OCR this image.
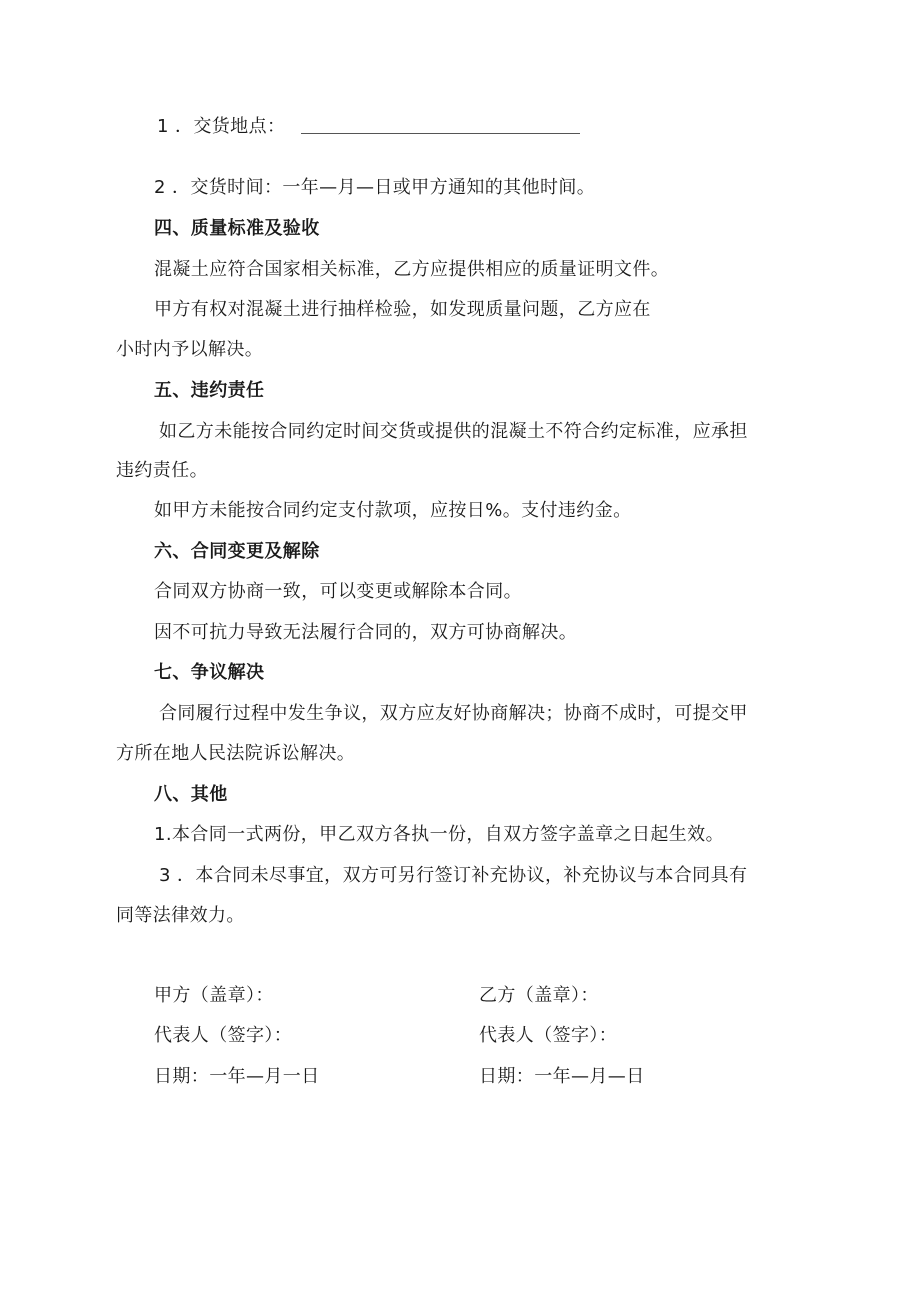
1 ．交货地点：
2 ．交货时间：一年—月—日或甲方通知的其他时间。
四、质量标准及验收
混凝土应符合国家相关标准，乙方应提供相应的质量证明文件。
甲方有权对混凝土进行抽样检验，如发现质量问题，乙方应在
小时内予以解决。
五、违约责任
如乙方未能按合同约定时间交货或提供的混凝土不符合约定标准，应承担
违约责任。
如甲方未能按合同约定支付款项，应按日%。支付违约金。
六、合同变更及解除
合同双方协商一致，可以变更或解除本合同。
因不可抗力导致无法履行合同的，双方可协商解决。
七、争议解决
合同履行过程中发生争议，双方应友好协商解决；协商不成时，可提交甲
方所在地人民法院诉讼解决。
八、其他
1.本合同一式两份，甲乙双方各执一份，自双方签字盖章之日起生效。
3 ．本合同未尽事宜，双方可另行签订补充协议，补充协议与本合同具有
同等法律效力。
甲方（盖章）：	乙方（盖章）：
代表人（签字）：	代表人（签字）：
日期：一年—月一日	日期：一年—月—日
